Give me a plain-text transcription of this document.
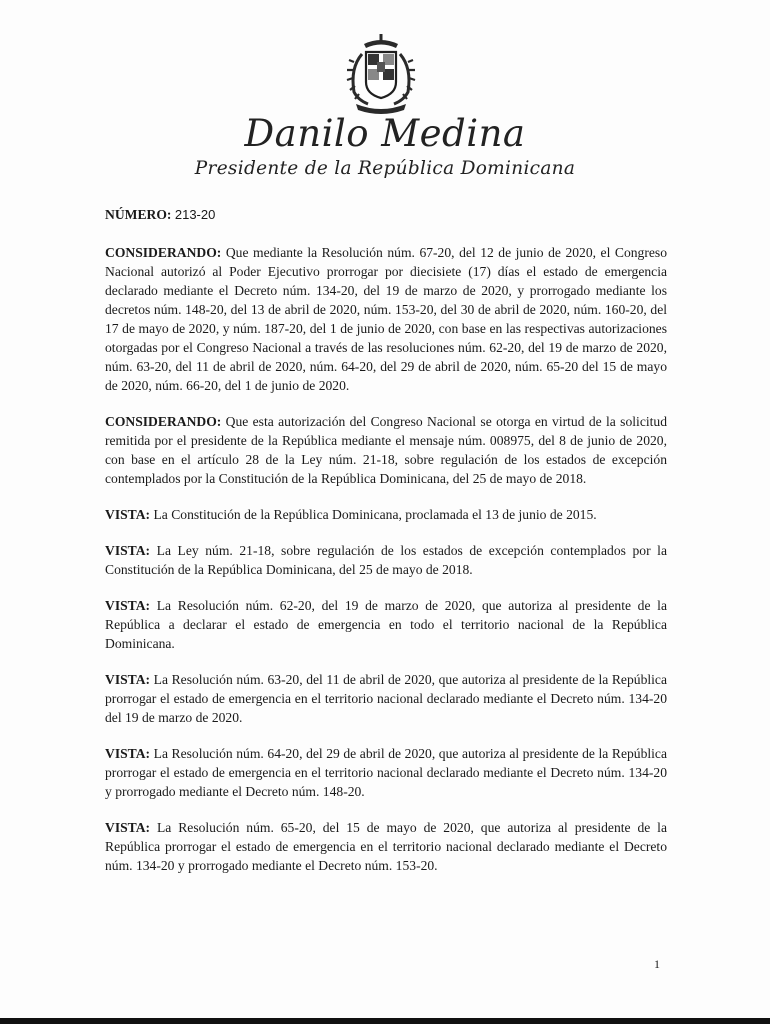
Danilo Medina
Presidente de la República Dominicana

NÚMERO: 213-20

CONSIDERANDO: Que mediante la Resolución núm. 67-20, del 12 de junio de 2020, el Congreso Nacional autorizó al Poder Ejecutivo prorrogar por diecisiete (17) días el estado de emergencia declarado mediante el Decreto núm. 134-20, del 19 de marzo de 2020, y prorrogado mediante los decretos núm. 148-20, del 13 de abril de 2020, núm. 153-20, del 30 de abril de 2020, núm. 160-20, del 17 de mayo de 2020, y núm. 187-20, del 1 de junio de 2020, con base en las respectivas autorizaciones otorgadas por el Congreso Nacional a través de las resoluciones núm. 62-20, del 19 de marzo de 2020, núm. 63-20, del 11 de abril de 2020, núm. 64-20, del 29 de abril de 2020, núm. 65-20 del 15 de mayo de 2020, núm. 66-20, del 1 de junio de 2020.

CONSIDERANDO: Que esta autorización del Congreso Nacional se otorga en virtud de la solicitud remitida por el presidente de la República mediante el mensaje núm. 008975, del 8 de junio de 2020, con base en el artículo 28 de la Ley núm. 21-18, sobre regulación de los estados de excepción contemplados por la Constitución de la República Dominicana, del 25 de mayo de 2018.

VISTA: La Constitución de la República Dominicana, proclamada el 13 de junio de 2015.

VISTA: La Ley núm. 21-18, sobre regulación de los estados de excepción contemplados por la Constitución de la República Dominicana, del 25 de mayo de 2018.

VISTA: La Resolución núm. 62-20, del 19 de marzo de 2020, que autoriza al presidente de la República a declarar el estado de emergencia en todo el territorio nacional de la República Dominicana.

VISTA: La Resolución núm. 63-20, del 11 de abril de 2020, que autoriza al presidente de la República prorrogar el estado de emergencia en el territorio nacional declarado mediante el Decreto núm. 134-20 del 19 de marzo de 2020.

VISTA: La Resolución núm. 64-20, del 29 de abril de 2020, que autoriza al presidente de la República prorrogar el estado de emergencia en el territorio nacional declarado mediante el Decreto núm. 134-20 y prorrogado mediante el Decreto núm. 148-20.

VISTA: La Resolución núm. 65-20, del 15 de mayo de 2020, que autoriza al presidente de la República prorrogar el estado de emergencia en el territorio nacional declarado mediante el Decreto núm. 134-20 y prorrogado mediante el Decreto núm. 153-20.

1
